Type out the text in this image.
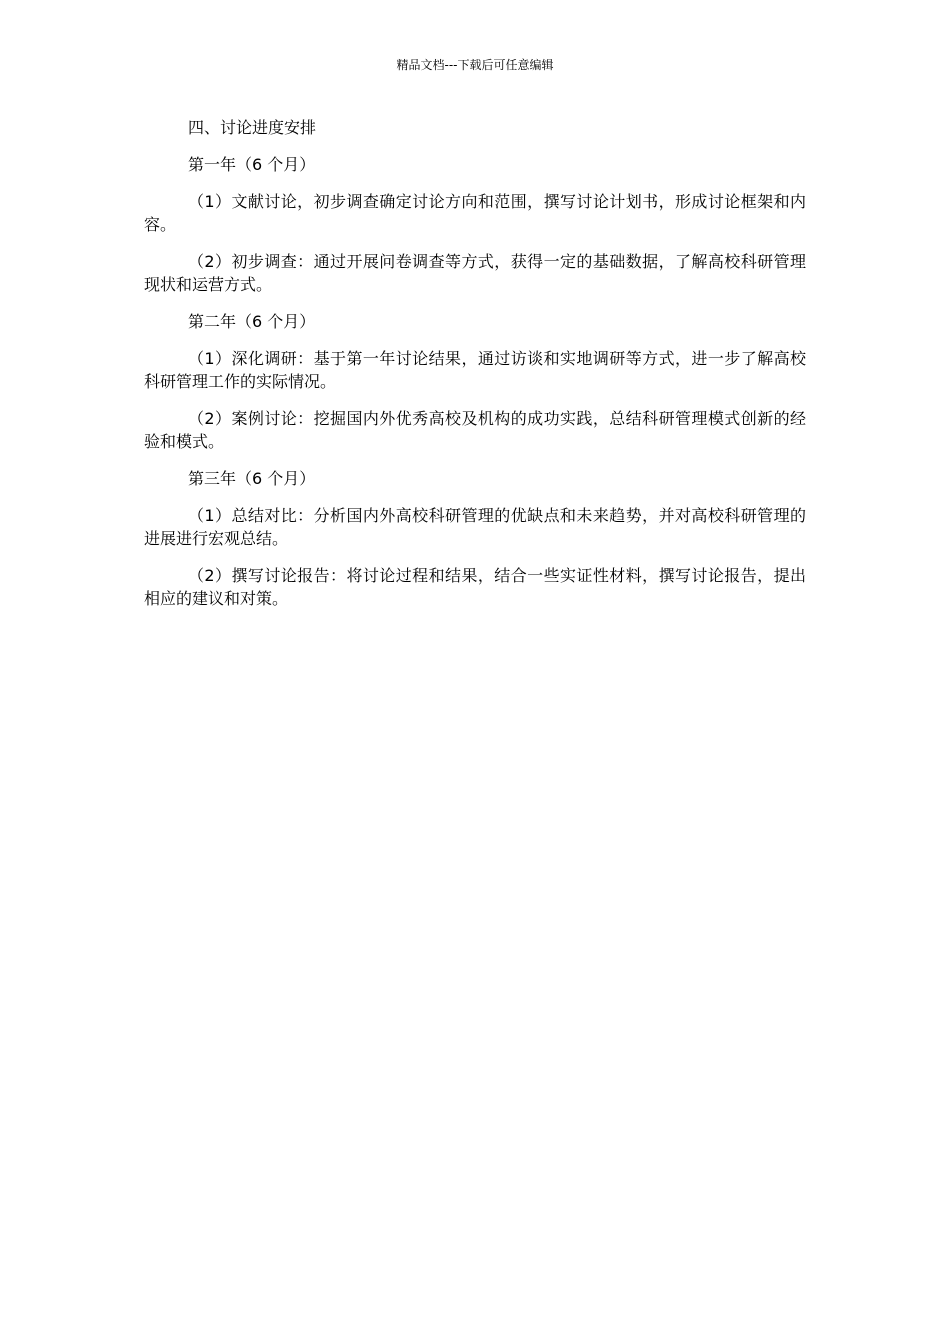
精品文档---下载后可任意编辑

四、讨论进度安排

第一年（6 个月）

（1）文献讨论，初步调查确定讨论方向和范围，撰写讨论计划书，形成讨论框架和内容。

（2）初步调查：通过开展问卷调查等方式，获得一定的基础数据，了解高校科研管理现状和运营方式。

第二年（6 个月）

（1）深化调研：基于第一年讨论结果，通过访谈和实地调研等方式，进一步了解高校科研管理工作的实际情况。

（2）案例讨论：挖掘国内外优秀高校及机构的成功实践，总结科研管理模式创新的经验和模式。

第三年（6 个月）

（1）总结对比：分析国内外高校科研管理的优缺点和未来趋势，并对高校科研管理的进展进行宏观总结。

（2）撰写讨论报告：将讨论过程和结果，结合一些实证性材料，撰写讨论报告，提出相应的建议和对策。
